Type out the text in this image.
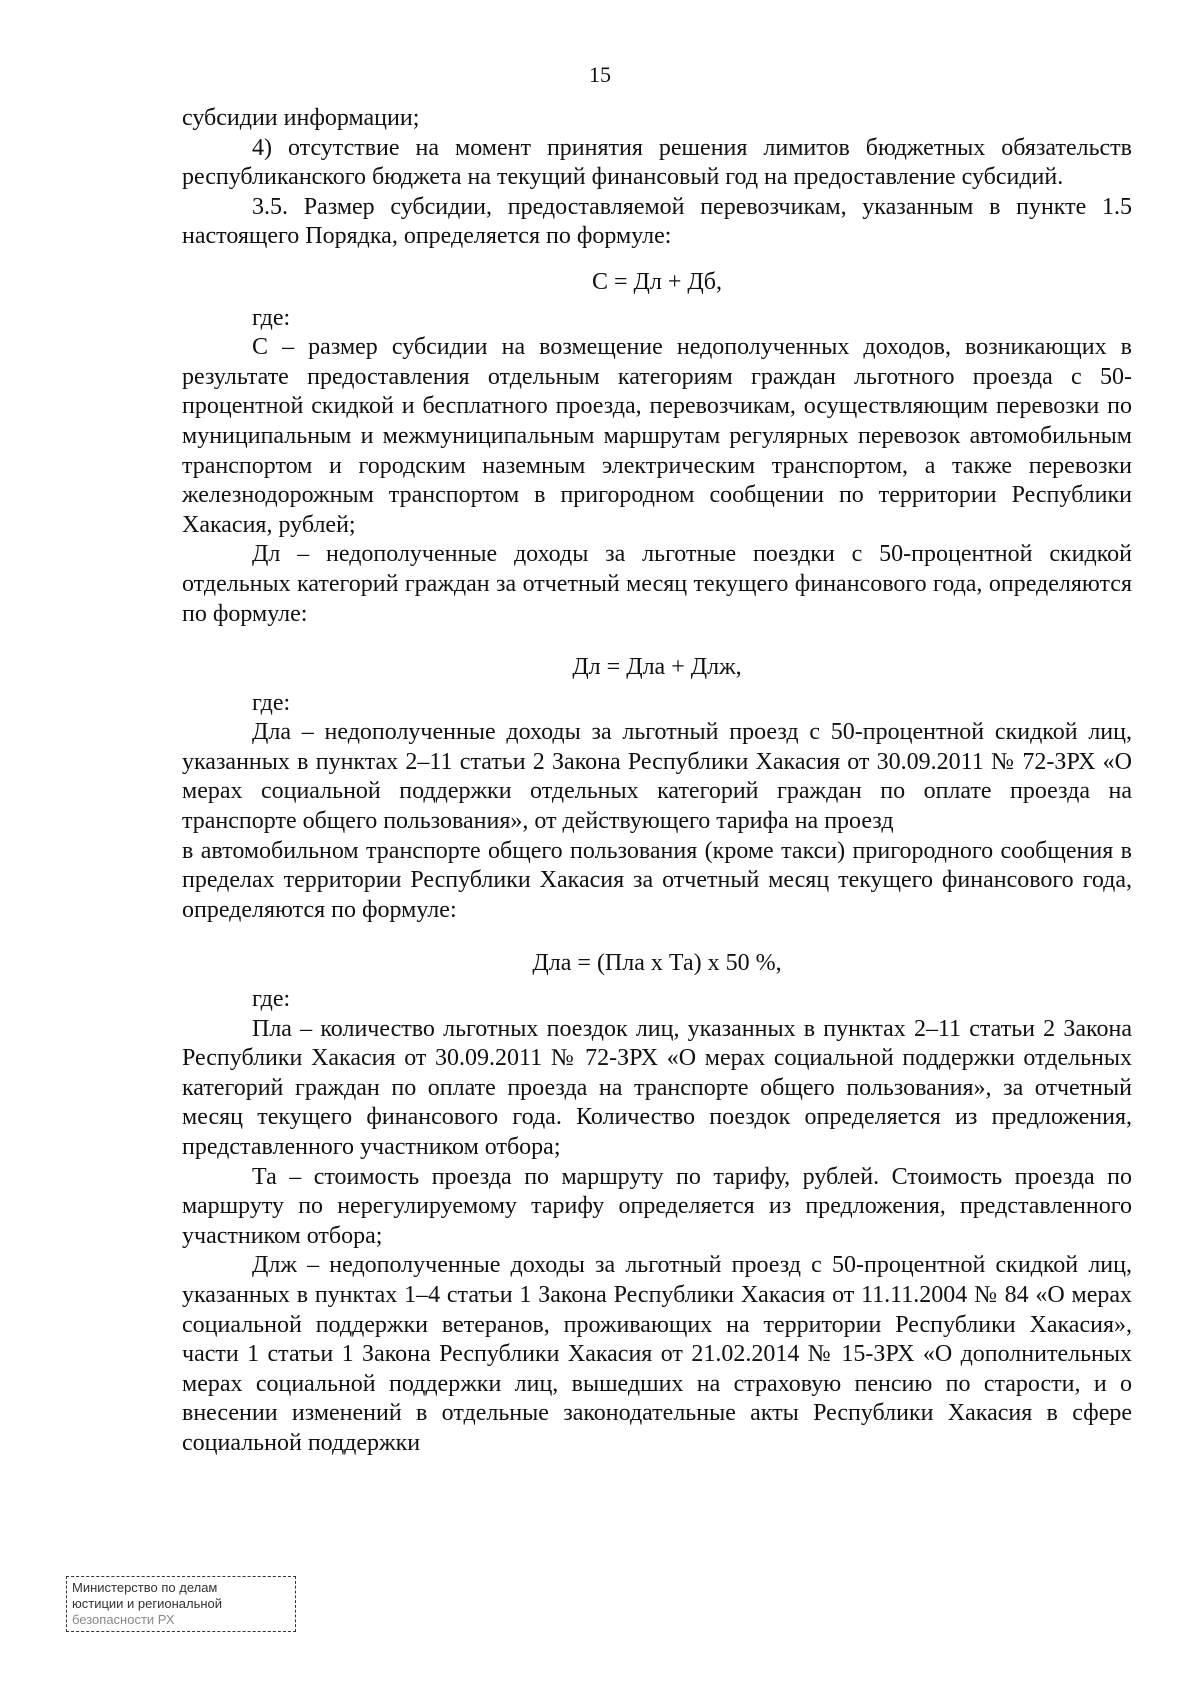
15

субсидии информации;

4) отсутствие на момент принятия решения лимитов бюджетных обязательств республиканского бюджета на текущий финансовый год на предоставление субсидий.

3.5. Размер субсидии, предоставляемой перевозчикам, указанным в пункте 1.5 настоящего Порядка, определяется по формуле:

С = Дл + Дб,

где:

С – размер субсидии на возмещение недополученных доходов, возникающих в результате предоставления отдельным категориям граждан льготного проезда с 50-процентной скидкой и бесплатного проезда, перевозчикам, осуществляющим перевозки по муниципальным и межмуниципальным маршрутам регулярных перевозок автомобильным транспортом и городским наземным электрическим транспортом, а также перевозки железнодорожным транспортом в пригородном сообщении по территории Республики Хакасия, рублей;

Дл – недополученные доходы за льготные поездки с 50-процентной скидкой отдельных категорий граждан за отчетный месяц текущего финансового года, определяются по формуле:

Дл = Дла + Длж,

где:

Дла – недополученные доходы за льготный проезд с 50-процентной скидкой лиц, указанных в пунктах 2–11 статьи 2 Закона Республики Хакасия от 30.09.2011 № 72-ЗРХ «О мерах социальной поддержки отдельных категорий граждан по оплате проезда на транспорте общего пользования», от действующего тарифа на проезд

в автомобильном транспорте общего пользования (кроме такси) пригородного сообщения в пределах территории Республики Хакасия за отчетный месяц текущего финансового года, определяются по формуле:

Дла = (Пла х Та) х 50 %,

где:

Пла – количество льготных поездок лиц, указанных в пунктах 2–11 статьи 2 Закона Республики Хакасия от 30.09.2011 № 72-ЗРХ «О мерах социальной поддержки отдельных категорий граждан по оплате проезда на транспорте общего пользования», за отчетный месяц текущего финансового года. Количество поездок определяется из предложения, представленного участником отбора;

Та – стоимость проезда по маршруту по тарифу, рублей. Стоимость проезда по маршруту по нерегулируемому тарифу определяется из предложения, представленного участником отбора;

Длж – недополученные доходы за льготный проезд с 50-процентной скидкой лиц, указанных в пунктах 1–4 статьи 1 Закона Республики Хакасия от 11.11.2004 № 84 «О мерах социальной поддержки ветеранов, проживающих на территории Республики Хакасия», части 1 статьи 1 Закона Республики Хакасия от 21.02.2014 № 15-ЗРХ «О дополнительных мерах социальной поддержки лиц, вышедших на страховую пенсию по старости, и о внесении изменений в отдельные законодательные акты Республики Хакасия в сфере социальной поддержки

Министерство по делам
юстиции и региональной
безопасности РХ
